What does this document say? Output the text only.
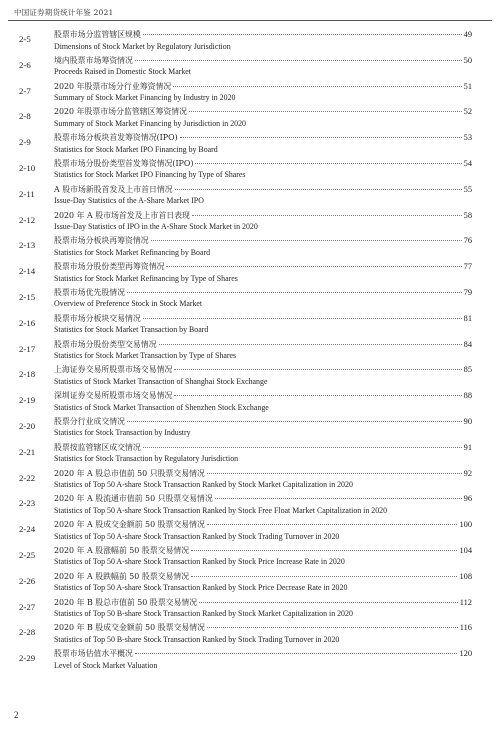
中国证券期货统计年鉴 2021
2-5	股票市场分监管辖区规模	49
Dimensions of Stock Market by Regulatory Jurisdiction
2-6	境内股票市场筹资情况	50
Proceeds Raised in Domestic Stock Market
2-7	2020 年股票市场分行业筹资情况	51
Summary of Stock Market Financing by Industry in 2020
2-8	2020 年股票市场分监管辖区筹资情况	52
Summary of Stock Market Financing by Jurisdiction in 2020
2-9	股票市场分板块首发筹资情况(IPO)	53
Statistics for Stock Market IPO Financing by Board
2-10 股票市场分股份类型首发筹资情况(IPO)	54
Statistics for Stock Market IPO Financing by Type of Shares
2-11 A 股市场新股首发及上市首日情况	55
Issue-Day Statistics of the A-Share Market IPO
2-12 2020 年 A 股市场首发及上市首日表现	58
Issue-Day Statistics of IPO in the A-Share Stock Market in 2020
2-13 股票市场分板块再筹资情况	76
Statistics for Stock Market Refinancing by Board
2-14 股票市场分股份类型再筹资情况	77
Statistics for Stock Market Refinancing by Type of Shares
2-15 股票市场优先股情况	79
Overview of Preference Stock in Stock Market
2-16 股票市场分板块交易情况	81
Statistics for Stock Market Transaction by Board
2-17 股票市场分股份类型交易情况	84
Statistics for Stock Market Transaction by Type of Shares
2-18 上海证券交易所股票市场交易情况	85
Statistics of Stock Market Transaction of Shanghai Stock Exchange
2-19 深圳证券交易所股票市场交易情况	88
Statistics of Stock Market Transaction of Shenzhen Stock Exchange
2-20 股票分行业成交情况	90
Statistics for Stock Transaction by Industry
2-21 股票按监管辖区成交情况	91
Statistics for Stock Transaction by Regulatory Jurisdiction
2-22 2020 年 A 股总市值前 50 只股票交易情况	92
Statistics of Top 50 A-share Stock Transaction Ranked by Stock Market Capitalization in 2020
2-23 2020 年 A 股流通市值前 50 只股票交易情况	96
Statistics of Top 50 A-share Stock Transaction Ranked by Stock Free Float Market Capitalization in 2020
2-24 2020 年 A 股成交金额前 50 股票交易情况	100
Statistics of Top 50 A-share Stock Transaction Ranked by Stock Trading Turnover in 2020
2-25 2020 年 A 股涨幅前 50 股票交易情况	104
Statistics of Top 50 A-share Stock Transaction Ranked by Stock Price Increase Rate in 2020
2-26 2020 年 A 股跌幅前 50 股票交易情况	108
Statistics of Top 50 A-share Stock Transaction Ranked by Stock Price Decrease Rate in 2020
2-27 2020 年 B 股总市值前 50 股票交易情况	112
Statistics of Top 50 B-share Stock Transaction Ranked by Stock Market Capitalization in 2020
2-28 2020 年 B 股成交金额前 50 股票交易情况	116
Statistics of Top 50 B-share Stock Transaction Ranked by Stock Trading Turnover in 2020
2-29 股票市场估值水平概况	120
Level of Stock Market Valuation
2
